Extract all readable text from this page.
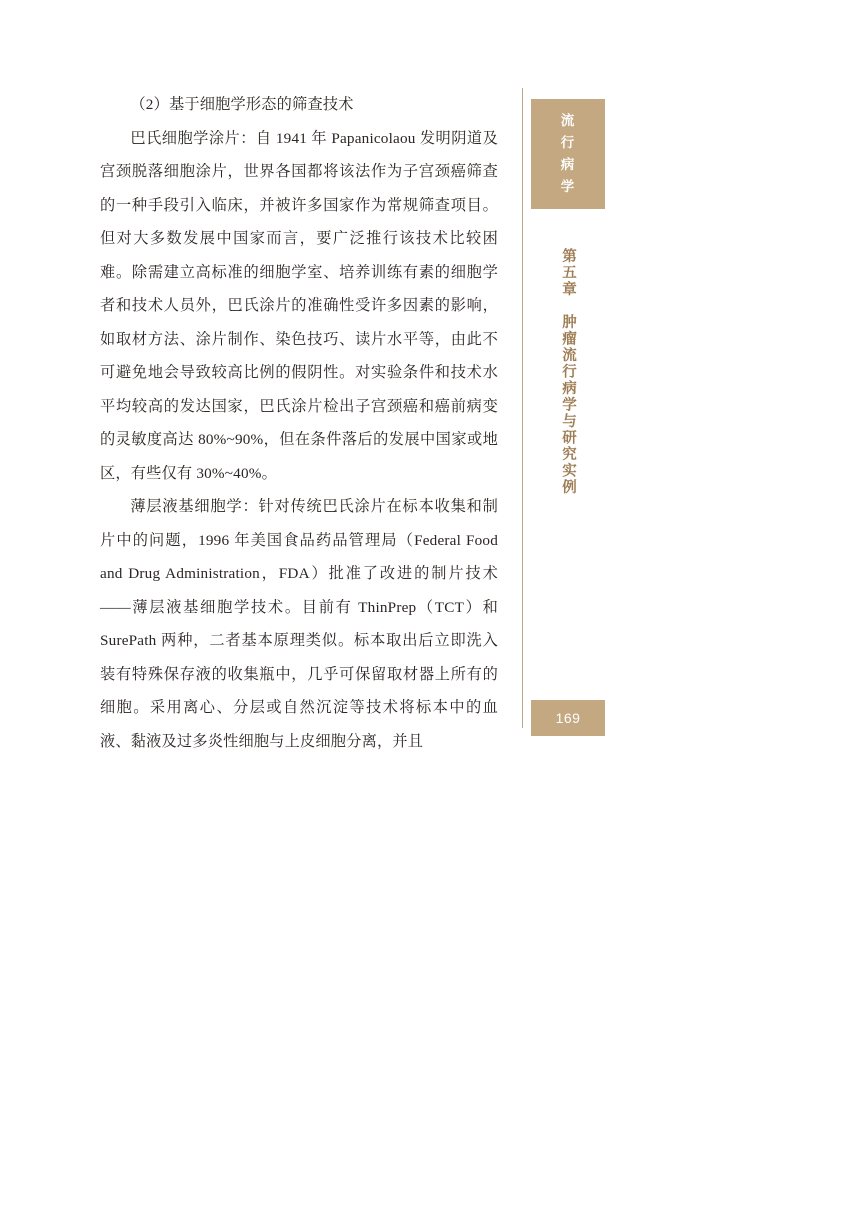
（2）基于细胞学形态的筛查技术

巴氏细胞学涂片：自 1941 年 Papanicolaou 发明阴道及宫颈脱落细胞涂片，世界各国都将该法作为子宫颈癌筛查的一种手段引入临床，并被许多国家作为常规筛查项目。但对大多数发展中国家而言，要广泛推行该技术比较困难。除需建立高标准的细胞学室、培养训练有素的细胞学者和技术人员外，巴氏涂片的准确性受许多因素的影响，如取材方法、涂片制作、染色技巧、读片水平等，由此不可避免地会导致较高比例的假阴性。对实验条件和技术水平均较高的发达国家，巴氏涂片检出子宫颈癌和癌前病变的灵敏度高达 80%~90%，但在条件落后的发展中国家或地区，有些仅有 30%~40%。

薄层液基细胞学：针对传统巴氏涂片在标本收集和制片中的问题，1996 年美国食品药品管理局（Federal Food and Drug Administration，FDA）批准了改进的制片技术——薄层液基细胞学技术。目前有 ThinPrep（TCT）和 SurePath 两种，二者基本原理类似。标本取出后立即洗入装有特殊保存液的收集瓶中，几乎可保留取材器上所有的细胞。采用离心、分层或自然沉淀等技术将标本中的血液、黏液及过多炎性细胞与上皮细胞分离，并且

流
行
病
学
第五章　肿瘤流行病学与研究实例
169
